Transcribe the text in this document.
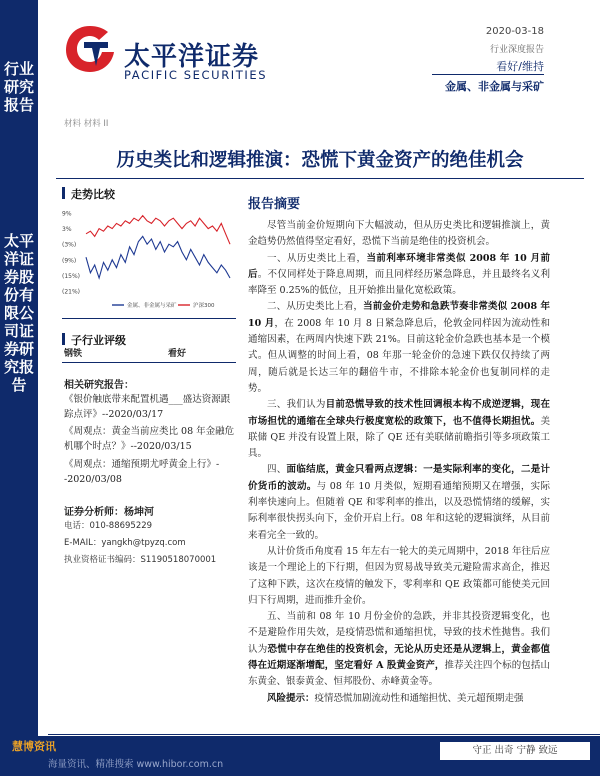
行业研究报告
太平洋证券股份有限公司证券研究报告
太平洋证券
PACIFIC SECURITIES
2020-03-18
行业深度报告
看好/维持
金属、非金属与采矿
材料 材料 II
历史类比和逻辑推演：恐慌下黄金资产的绝佳机会
走势比较
9%
3%
(3%)
(9%)
(15%)
(21%)
金属、非金属与采矿	沪深300
子行业评级
钢铁	看好
相关研究报告：
《银价触底带来配置机遇___盛达资源跟踪点评》--2020/03/17
《周观点：黄金当前应类比 08 年金融危机哪个时点？》--2020/03/15
《周观点：通缩预期尤呼黄金上行》--2020/03/08
证券分析师：杨坤河
电话：010-88695229
E-MAIL：yangkh@tpyzq.com
执业资格证书编码：S1190518070001
报告摘要

尽管当前金价短期向下大幅波动，但从历史类比和逻辑推演上，黄金趋势仍然值得坚定看好，恐慌下当前是绝佳的投资机会。

一、从历史类比上看，当前利率环境非常类似 2008 年 10 月前后。不仅同样处于降息周期，而且同样经历紧急降息，并且最终名义利率降至 0.25%的低位，且开始推出量化宽松政策。

二、从历史类比上看，当前金价走势和急跌节奏非常类似 2008 年 10 月，在 2008 年 10 月 8 日紧急降息后，伦敦金同样因为流动性和通缩因素，在两周内快速下跌 21%。目前这轮金价急跌也基本是一个模式。但从调整的时间上看，08 年那一轮金价的急速下跌仅仅持续了两周，随后就是长达三年的翻倍牛市，不排除本轮金价也复制同样的走势。

三、我们认为目前恐慌导致的技术性回调根本构不成逆逻辑，现在市场担忧的通缩在全球央行极度宽松的政策下，也不值得长期担忧。美联储 QE 并没有设置上限，除了 QE 还有美联储前瞻指引等多项政策工具。

四、面临结底，黄金只看两点逻辑：一是实际利率的变化，二是计价货币的波动。与 08 年 10 月类似，短期看通缩预期又在增强，实际利率快速向上。但随着 QE 和零利率的推出，以及恐慌情绪的缓解，实际利率很快拐头向下，金价开启上行。08 年和这轮的逻辑演绎，从目前来看完全一致的。

从计价货币角度看 15 年左右一轮大的美元周期中，2018 年往后应该是一个理论上的下行期，但因为贸易战导致美元避险需求高企，推迟了这种下跌，这次在疫情的触发下，零利率和 QE 政策都可能使美元回归下行周期，进而推升金价。

五、当前和 08 年 10 月份金价的急跌，并非其投资逻辑变化，也不是避险作用失效，是疫情恐慌和通缩担忧，导致的技术性抛售。我们认为恐慌中存在绝佳的投资机会，无论从历史还是从逻辑上，黄金都值得在近期逐渐增配，坚定看好 A 股黄金资产，推荐关注四个标的包括山东黄金、银泰黄金、恒邦股份、赤峰黄金等。

风险提示：疫情恐慌加剧流动性和通缩担忧、美元超预期走强

慧博资讯
海量资讯、精准搜索 www.hibor.com.cn
守正 出奇 宁静 致远
